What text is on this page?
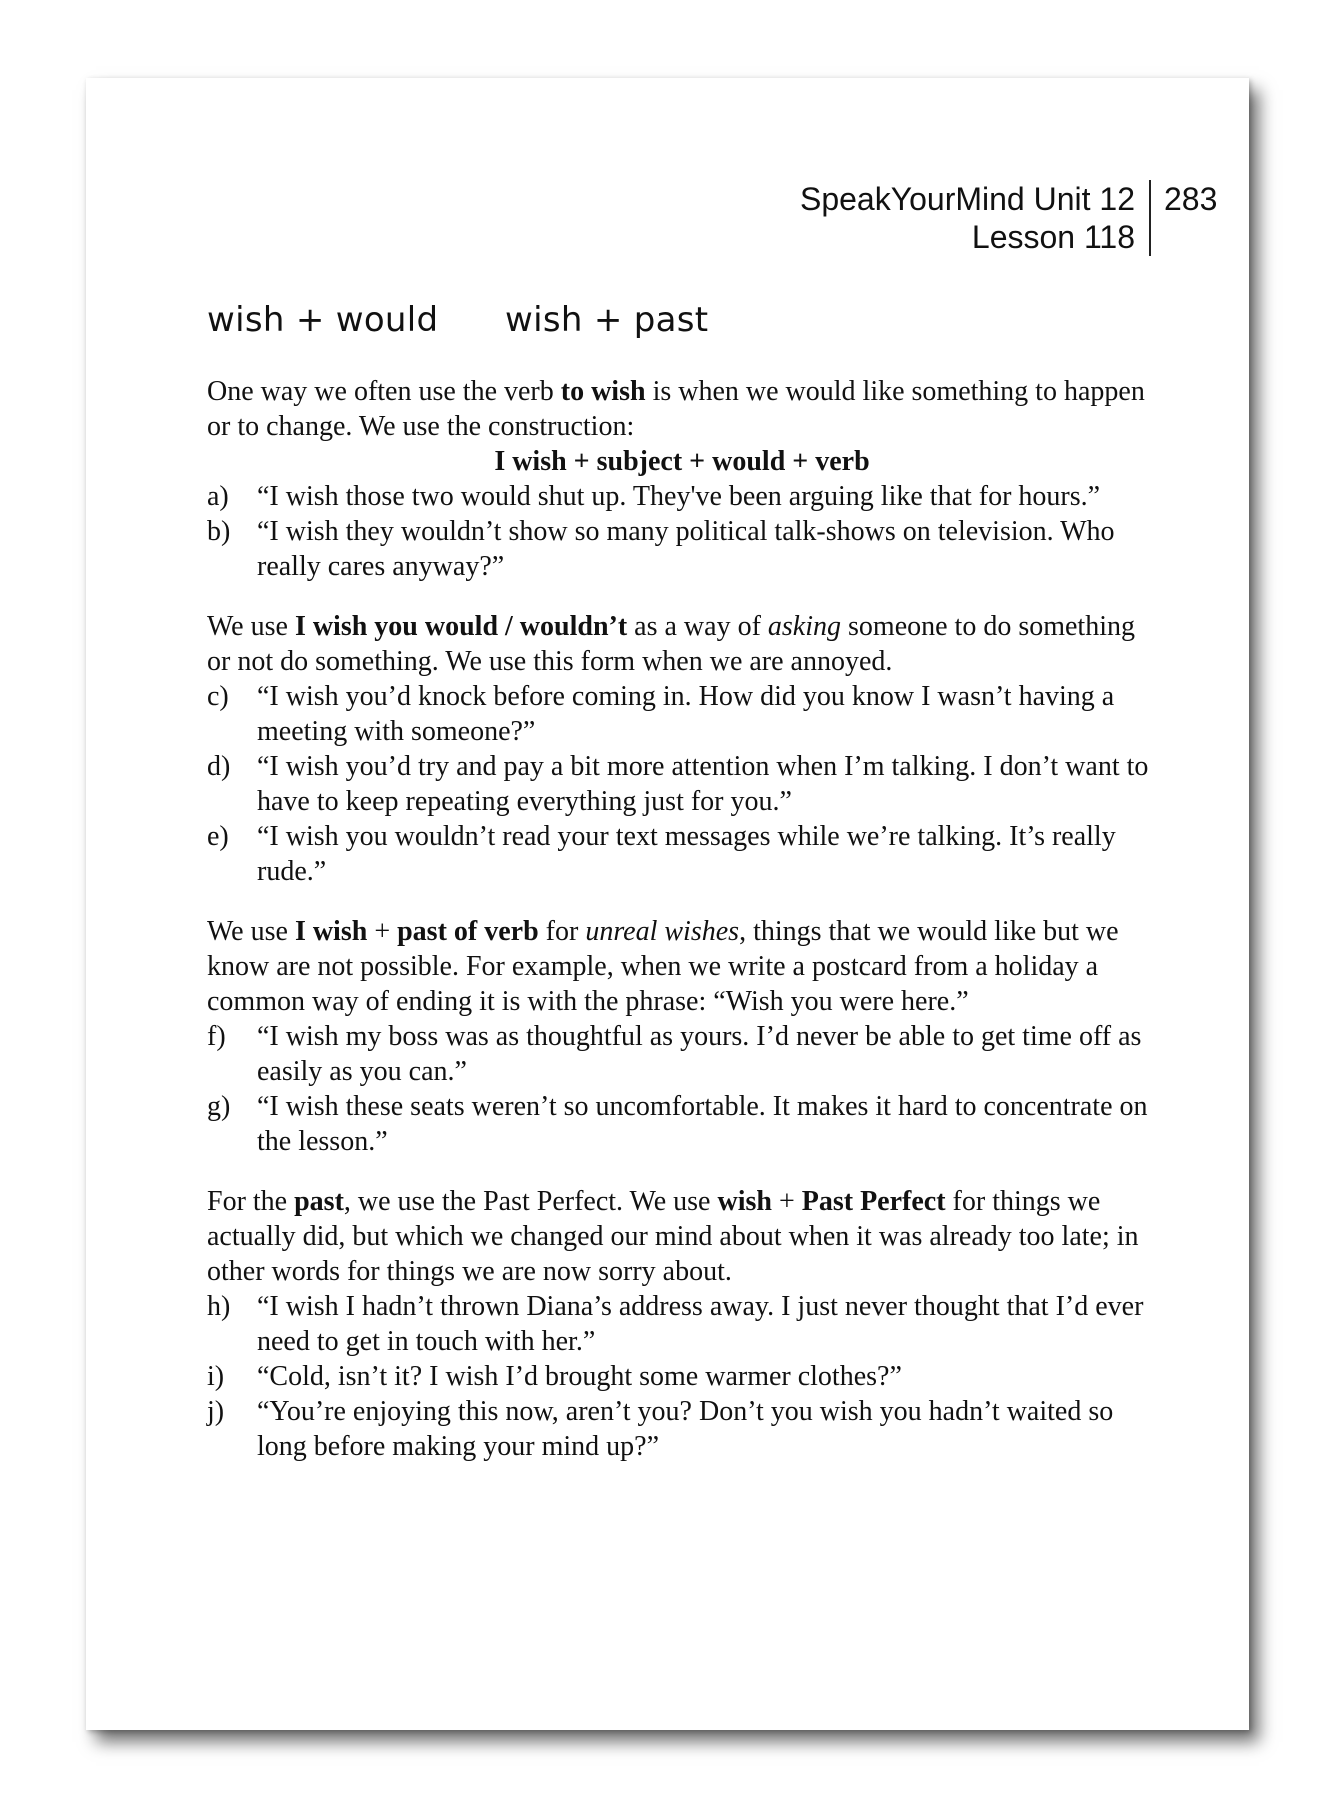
SpeakYourMind Unit 12
Lesson 118
283
wish + would      wish + past

One way we often use the verb to wish is when we would like something to happen or to change. We use the construction:

I wish + subject + would + verb

a)	“I wish those two would shut up. They've been arguing like that for hours.”
b) “I wish they wouldn’t show so many political talk-shows on television. Who really cares anyway?”

We use I wish you would / wouldn’t as a way of asking someone to do something or not do something. We use this form when we are annoyed.

c)	“I wish you’d knock before coming in. How did you know I wasn’t having a meeting with someone?”
d) “I wish you’d try and pay a bit more attention when I’m talking. I don’t want to have to keep repeating everything just for you.”
e)	“I wish you wouldn’t read your text messages while we’re talking. It’s really rude.”

We use I wish + past of verb for unreal wishes, things that we would like but we know are not possible. For example, when we write a postcard from a holiday a common way of ending it is with the phrase: “Wish you were here.”

f)	“I wish my boss was as thoughtful as yours. I’d never be able to get time off as easily as you can.”
g) “I wish these seats weren’t so uncomfortable. It makes it hard to concentrate on the lesson.”

For the past, we use the Past Perfect. We use wish + Past Perfect for things we actually did, but which we changed our mind about when it was already too late; in other words for things we are now sorry about.

h) “I wish I hadn’t thrown Diana’s address away. I just never thought that I’d ever need to get in touch with her.”
i)	“Cold, isn’t it? I wish I’d brought some warmer clothes?”
j)	“You’re enjoying this now, aren’t you? Don’t you wish you hadn’t waited so long before making your mind up?”
